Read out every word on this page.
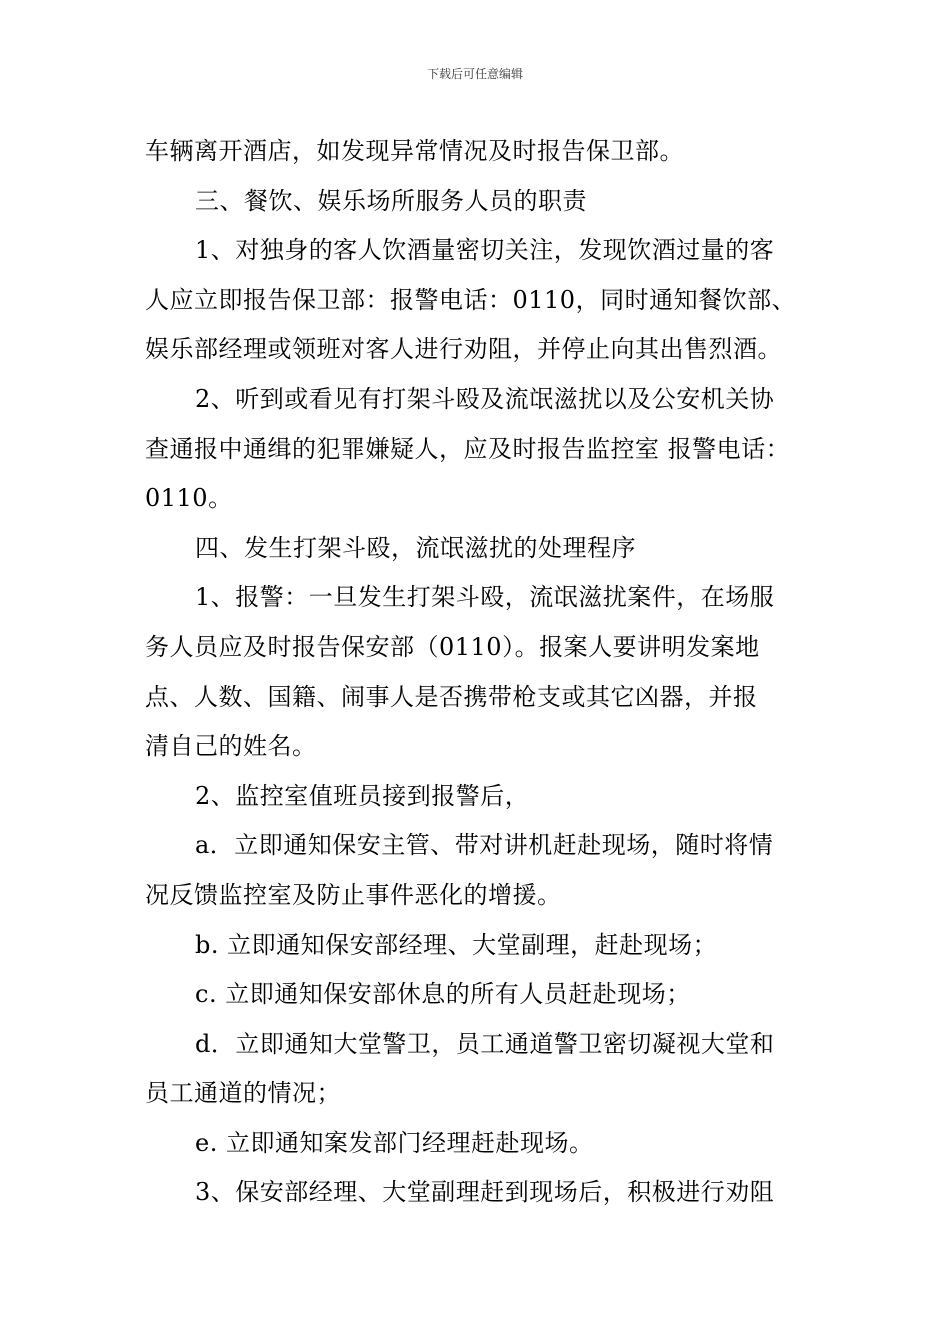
下载后可任意编辑
车辆离开酒店，如发现异常情况及时报告保卫部。
三、餐饮、娱乐场所服务人员的职责
1、对独身的客人饮酒量密切关注，发现饮酒过量的客
人应立即报告保卫部：报警电话：0110，同时通知餐饮部、
娱乐部经理或领班对客人进行劝阻，并停止向其出售烈酒。
2、听到或看见有打架斗殴及流氓滋扰以及公安机关协
查通报中通缉的犯罪嫌疑人，应及时报告监控室 报警电话：
0110。
四、发生打架斗殴，流氓滋扰的处理程序
1、报警：一旦发生打架斗殴，流氓滋扰案件，在场服
务人员应及时报告保安部（0110）。报案人要讲明发案地
点、人数、国籍、闹事人是否携带枪支或其它凶器，并报
清自己的姓名。
2、监控室值班员接到报警后，
a．立即通知保安主管、带对讲机赶赴现场，随时将情
况反馈监控室及防止事件恶化的增援。
b. 立即通知保安部经理、大堂副理，赶赴现场；
c. 立即通知保安部休息的所有人员赶赴现场；
d．立即通知大堂警卫，员工通道警卫密切凝视大堂和
员工通道的情况；
e. 立即通知案发部门经理赶赴现场。
3、保安部经理、大堂副理赶到现场后，积极进行劝阻
